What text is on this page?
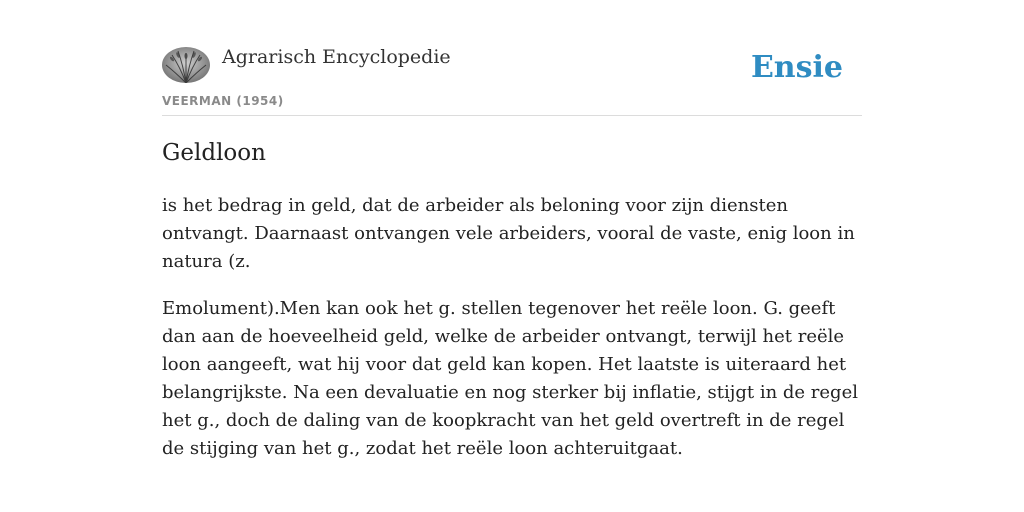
Agrarisch Encyclopedie
VEERMAN (1954)
Ensie
Geldloon

is het bedrag in geld, dat de arbeider als beloning voor zijn diensten ontvangt. Daarnaast ontvangen vele arbeiders, vooral de vaste, enig loon in natura (z.

Emolument).Men kan ook het g. stellen tegenover het reële loon. G. geeft dan aan de hoeveelheid geld, welke de arbeider ontvangt, terwijl het reële loon aangeeft, wat hij voor dat geld kan kopen. Het laatste is uiteraard het belangrijkste. Na een devaluatie en nog sterker bij inflatie, stijgt in de regel het g., doch de daling van de koopkracht van het geld overtreft in de regel de stijging van het g., zodat het reële loon achteruitgaat.
